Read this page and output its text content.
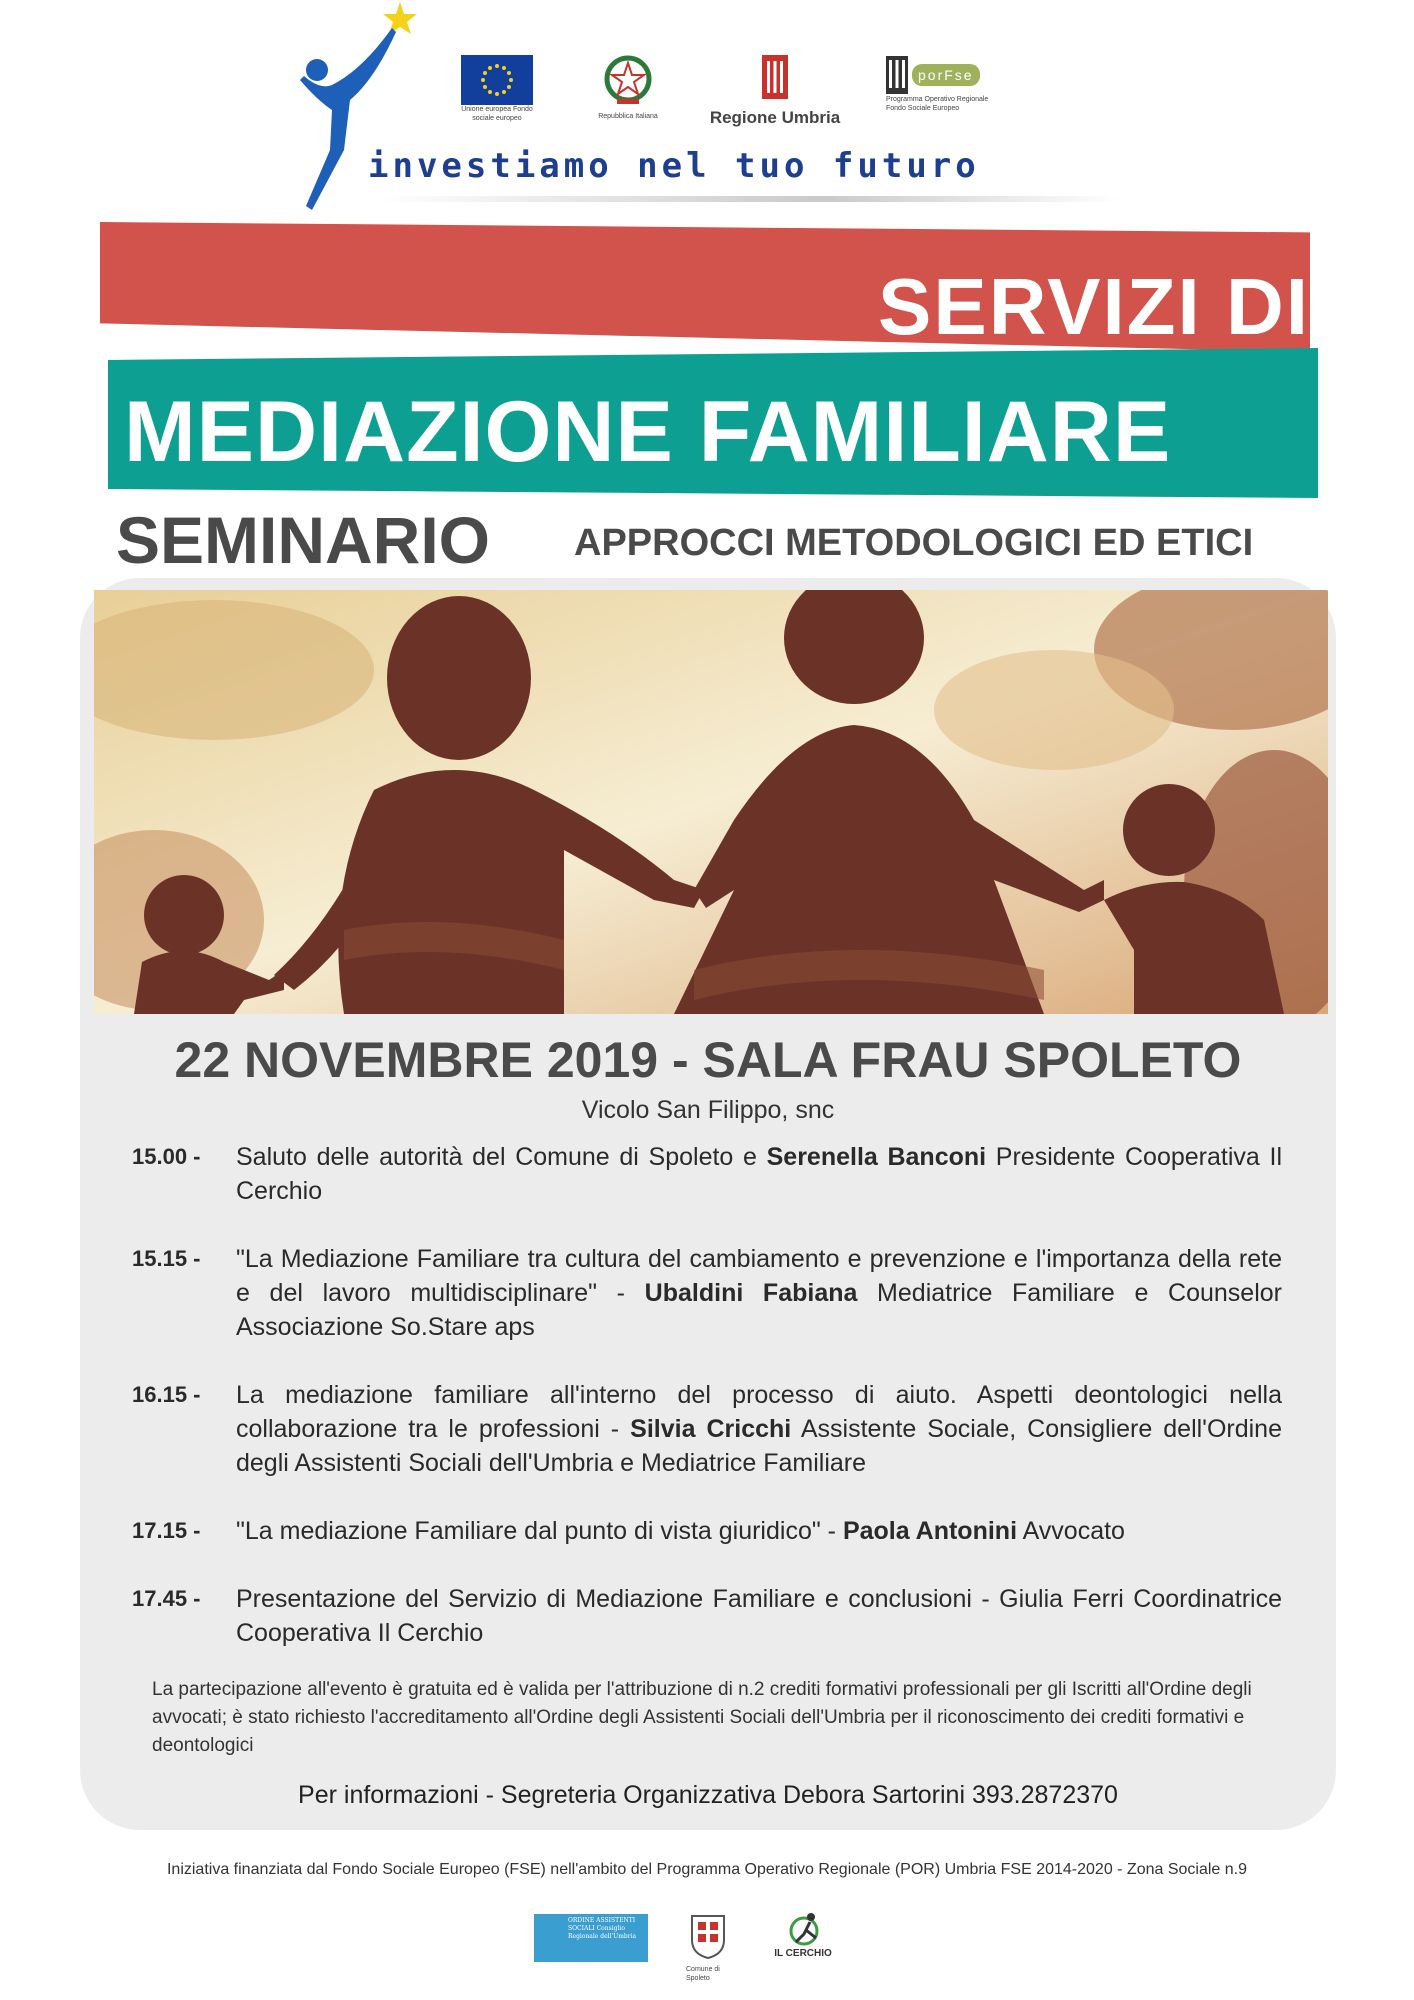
Unione europea Fondo sociale europeo	Repubblica Italiana	Regione Umbria
porFse
Programma Operativo Regionale Fondo Sociale Europeo
investiamo nel tuo futuro
SERVIZI DI
MEDIAZIONE FAMILIARE
SEMINARIO APPROCCI METODOLOGICI ED ETICI
22 NOVEMBRE 2019 - SALA FRAU SPOLETO
Vicolo San Filippo, snc
15.00 -	Saluto delle autorità del Comune di Spoleto e Serenella Banconi Presidente Cooperativa Il Cerchio
15.15 -	"La Mediazione Familiare tra cultura del cambiamento e prevenzione e l'importanza della rete e del lavoro multidisciplinare" - Ubaldini Fabiana Mediatrice Familiare e Counselor Associazione So.Stare aps
16.15 -	La mediazione familiare all'interno del processo di aiuto. Aspetti deontologici nella collaborazione tra le professioni - Silvia Cricchi Assistente Sociale, Consigliere dell'Ordine degli Assistenti Sociali dell'Umbria e Mediatrice Familiare
17.15 -	"La mediazione Familiare dal punto di vista giuridico" - Paola Antonini Avvocato
17.45 -	Presentazione del Servizio di Mediazione Familiare e conclusioni - Giulia Ferri Coordinatrice Cooperativa Il Cerchio
La partecipazione all'evento è gratuita ed è valida per l'attribuzione di n.2 crediti formativi professionali per gli Iscritti all'Ordine degli avvocati; è stato richiesto l'accreditamento all'Ordine degli Assistenti Sociali dell'Umbria per il riconoscimento dei crediti formativi e deontologici
Per informazioni - Segreteria Organizzativa Debora Sartorini 393.2872370
Iniziativa finanziata dal Fondo Sociale Europeo (FSE) nell'ambito del Programma Operativo Regionale (POR) Umbria FSE 2014-2020 - Zona Sociale n.9
ORDINE ASSISTENTI SOCIALI Consiglio Regionale dell'Umbria
Comune di Spoleto
IL CERCHIO
